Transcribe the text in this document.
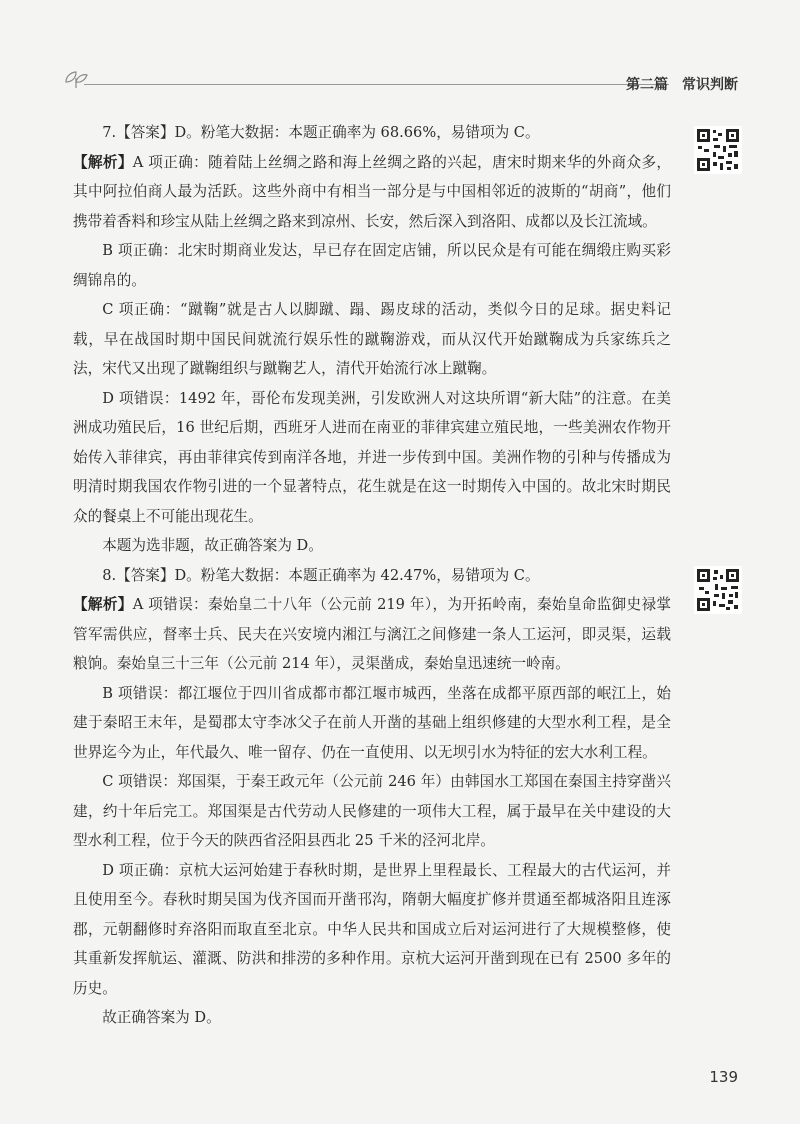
第二篇　常识判断

7.【答案】D。粉笔大数据：本题正确率为 68.66%，易错项为 C。

【解析】A 项正确：随着陆上丝绸之路和海上丝绸之路的兴起，唐宋时期来华的外商众多，其中阿拉伯商人最为活跃。这些外商中有相当一部分是与中国相邻近的波斯的“胡商”，他们携带着香料和珍宝从陆上丝绸之路来到凉州、长安，然后深入到洛阳、成都以及长江流域。

B 项正确：北宋时期商业发达，早已存在固定店铺，所以民众是有可能在绸缎庄购买彩绸锦帛的。

C 项正确：“蹴鞠”就是古人以脚蹴、蹋、踢皮球的活动，类似今日的足球。据史料记载，早在战国时期中国民间就流行娱乐性的蹴鞠游戏，而从汉代开始蹴鞠成为兵家练兵之法，宋代又出现了蹴鞠组织与蹴鞠艺人，清代开始流行冰上蹴鞠。

D 项错误：1492 年，哥伦布发现美洲，引发欧洲人对这块所谓“新大陆”的注意。在美洲成功殖民后，16 世纪后期，西班牙人进而在南亚的菲律宾建立殖民地，一些美洲农作物开始传入菲律宾，再由菲律宾传到南洋各地，并进一步传到中国。美洲作物的引种与传播成为明清时期我国农作物引进的一个显著特点，花生就是在这一时期传入中国的。故北宋时期民众的餐桌上不可能出现花生。

本题为选非题，故正确答案为 D。

8.【答案】D。粉笔大数据：本题正确率为 42.47%，易错项为 C。

【解析】A 项错误：秦始皇二十八年（公元前 219 年），为开拓岭南，秦始皇命监御史禄掌管军需供应，督率士兵、民夫在兴安境内湘江与漓江之间修建一条人工运河，即灵渠，运载粮饷。秦始皇三十三年（公元前 214 年），灵渠凿成，秦始皇迅速统一岭南。

B 项错误：都江堰位于四川省成都市都江堰市城西，坐落在成都平原西部的岷江上，始建于秦昭王末年，是蜀郡太守李冰父子在前人开凿的基础上组织修建的大型水利工程，是全世界迄今为止，年代最久、唯一留存、仍在一直使用、以无坝引水为特征的宏大水利工程。

C 项错误：郑国渠，于秦王政元年（公元前 246 年）由韩国水工郑国在秦国主持穿凿兴建，约十年后完工。郑国渠是古代劳动人民修建的一项伟大工程，属于最早在关中建设的大型水利工程，位于今天的陕西省泾阳县西北 25 千米的泾河北岸。

D 项正确：京杭大运河始建于春秋时期，是世界上里程最长、工程最大的古代运河，并且使用至今。春秋时期吴国为伐齐国而开凿邗沟，隋朝大幅度扩修并贯通至都城洛阳且连涿郡，元朝翻修时弃洛阳而取直至北京。中华人民共和国成立后对运河进行了大规模整修，使其重新发挥航运、灌溉、防洪和排涝的多种作用。京杭大运河开凿到现在已有 2500 多年的历史。

故正确答案为 D。

139
